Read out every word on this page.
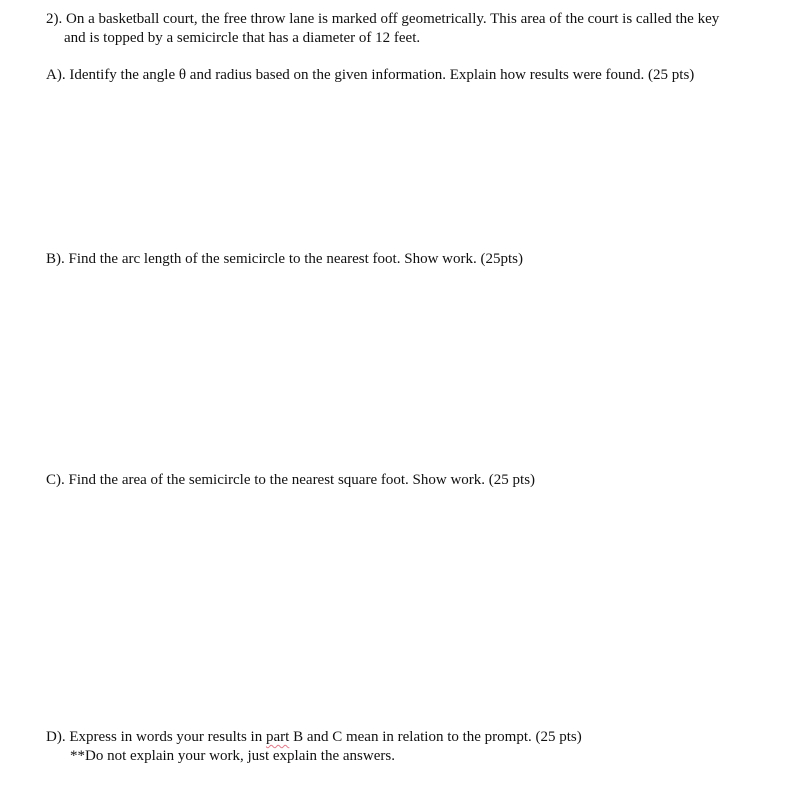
2). On a basketball court, the free throw lane is marked off geometrically. This area of the court is called the key
and is topped by a semicircle that has a diameter of 12 feet.
A). Identify the angle θ and radius based on the given information. Explain how results were found. (25 pts)
B). Find the arc length of the semicircle to the nearest foot. Show work. (25pts)
C). Find the area of the semicircle to the nearest square foot. Show work. (25 pts)
D). Express in words your results in part B and C mean in relation to the prompt. (25 pts)
**Do not explain your work, just explain the answers.
